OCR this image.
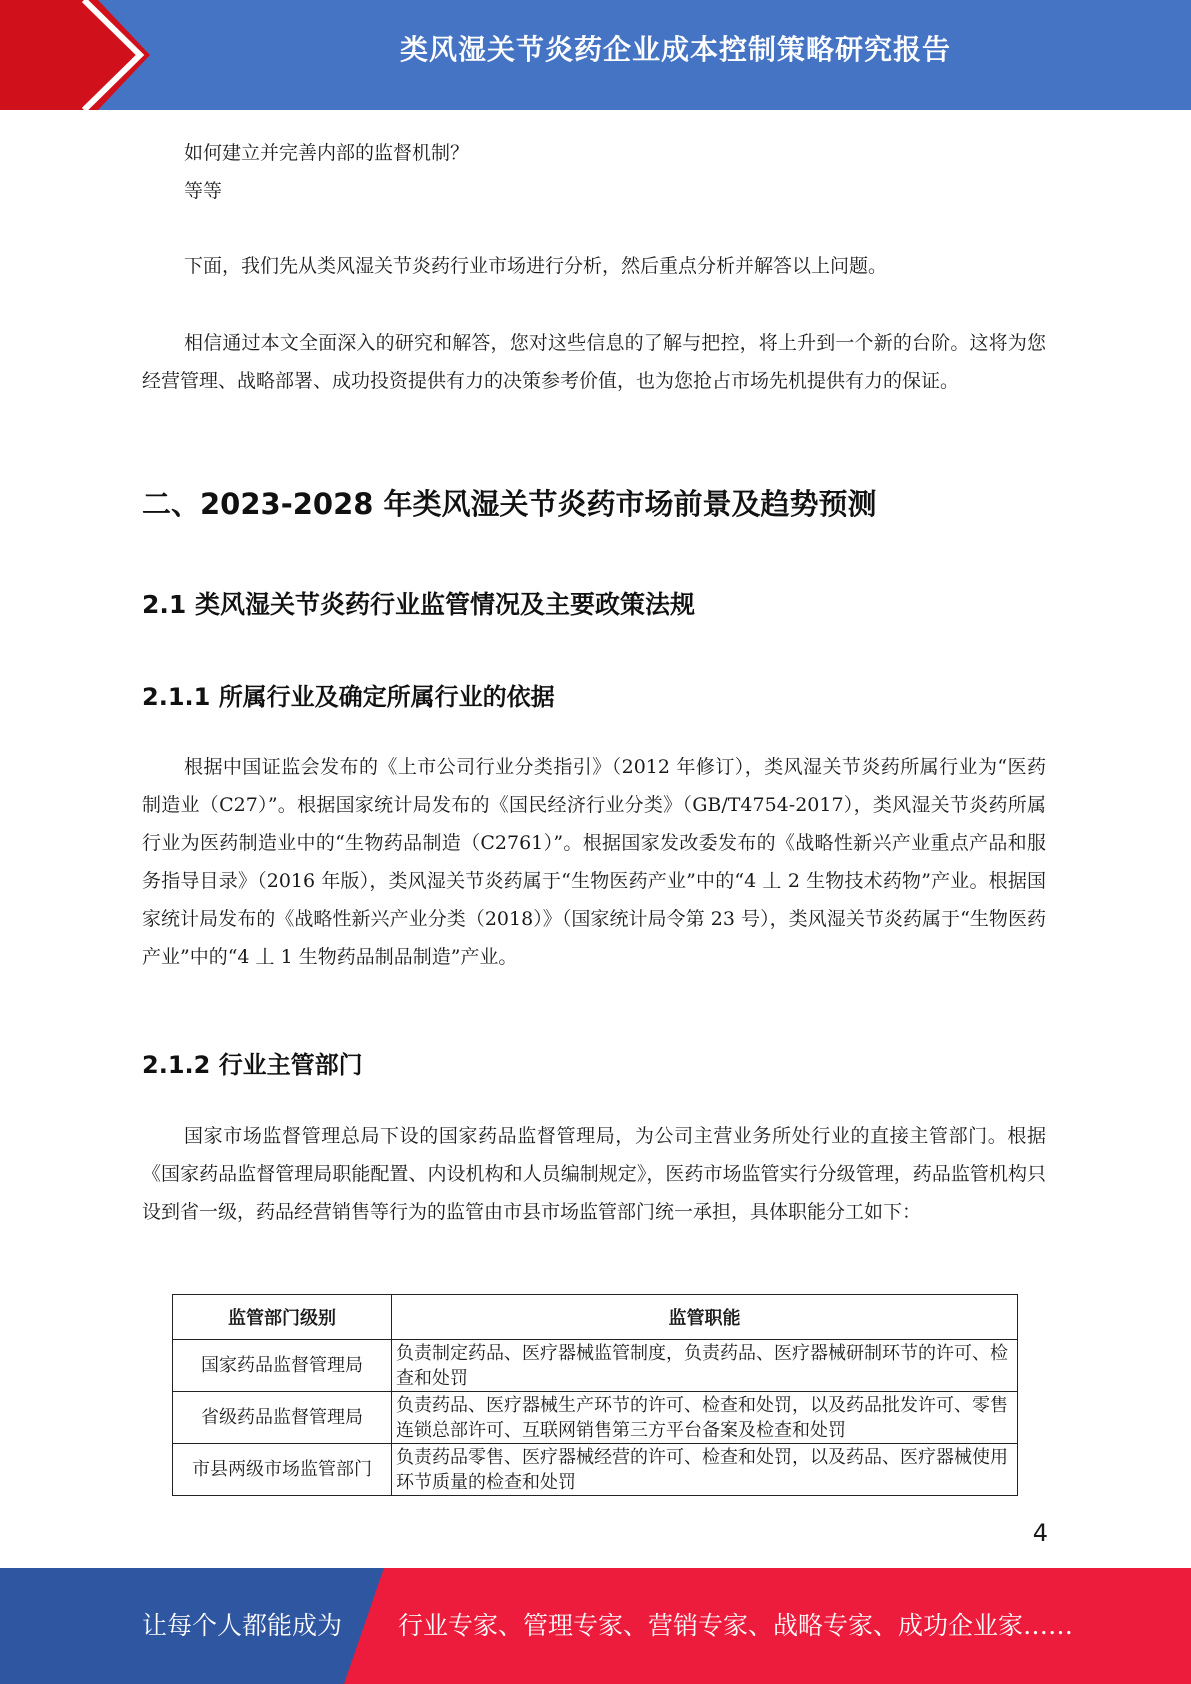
类风湿关节炎药企业成本控制策略研究报告

如何建立并完善内部的监督机制？

等等

下面，我们先从类风湿关节炎药行业市场进行分析，然后重点分析并解答以上问题。

相信通过本文全面深入的研究和解答，您对这些信息的了解与把控，将上升到一个新的台阶。这将为您经营管理、战略部署、成功投资提供有力的决策参考价值，也为您抢占市场先机提供有力的保证。

二、2023-2028 年类风湿关节炎药市场前景及趋势预测
2.1 类风湿关节炎药行业监管情况及主要政策法规
2.1.1 所属行业及确定所属行业的依据

根据中国证监会发布的《上市公司行业分类指引》（2012 年修订），类风湿关节炎药所属行业为“医药制造业（C27）”。根据国家统计局发布的《国民经济行业分类》（GB/T4754-2017），类风湿关节炎药所属行业为医药制造业中的“生物药品制造（C2761）”。根据国家发改委发布的《战略性新兴产业重点产品和服务指导目录》（2016 年版），类风湿关节炎药属于“生物医药产业”中的“4 丄 2 生物技术药物”产业。根据国家统计局发布的《战略性新兴产业分类（2018）》（国家统计局令第 23 号），类风湿关节炎药属于“生物医药产业”中的“4 丄 1 生物药品制品制造”产业。

2.1.2 行业主管部门

国家市场监督管理总局下设的国家药品监督管理局，为公司主营业务所处行业的直接主管部门。根据《国家药品监督管理局职能配置、内设机构和人员编制规定》，医药市场监管实行分级管理，药品监管机构只设到省一级，药品经营销售等行为的监管由市县市场监管部门统一承担，具体职能分工如下：

监管部门级别	监管职能
国家药品监督管理局	负责制定药品、医疗器械监管制度，负责药品、医疗器械研制环节的许可、检查和处罚
省级药品监督管理局	负责药品、医疗器械生产环节的许可、检查和处罚，以及药品批发许可、零售连锁总部许可、互联网销售第三方平台备案及检查和处罚
市县两级市场监管部门	负责药品零售、医疗器械经营的许可、检查和处罚，以及药品、医疗器械使用环节质量的检查和处罚
4
让每个人都能成为 行业专家、管理专家、营销专家、战略专家、成功企业家……
